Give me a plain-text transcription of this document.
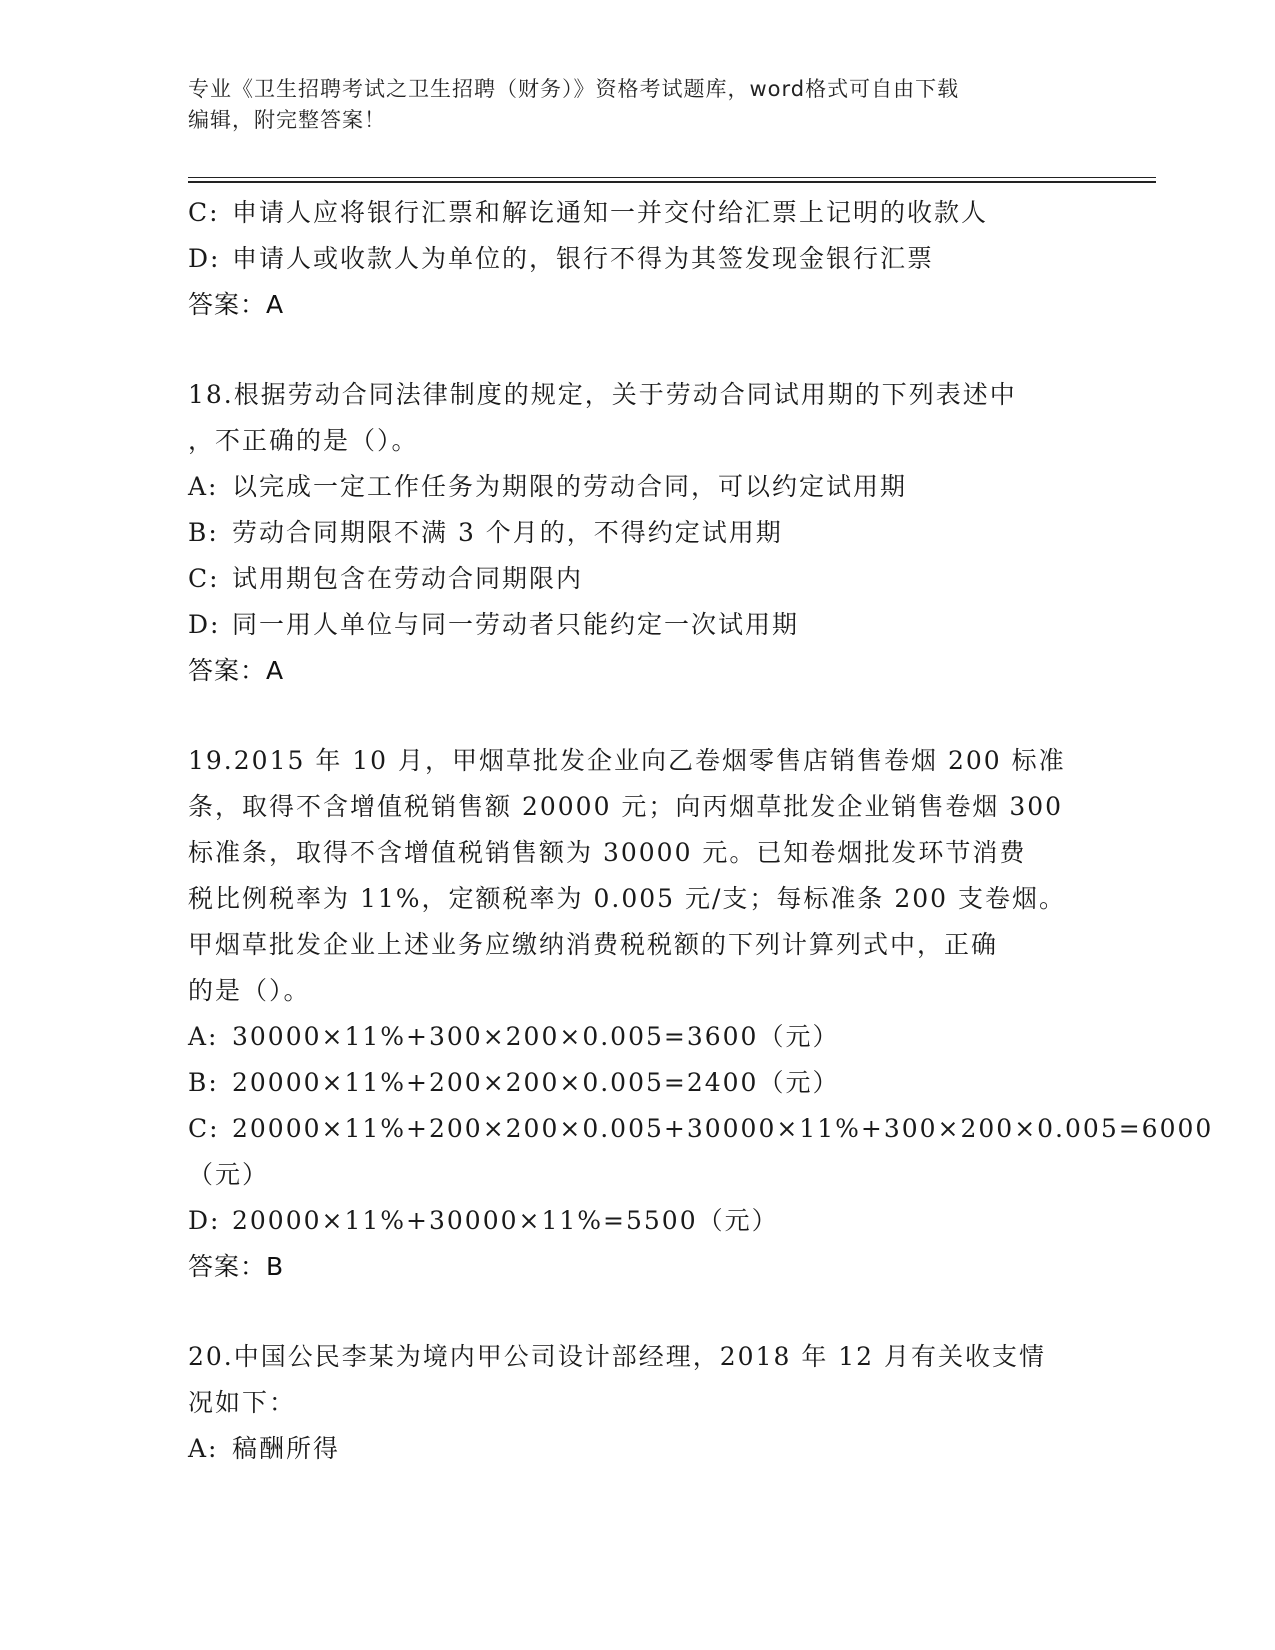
专业《卫生招聘考试之卫生招聘（财务）》资格考试题库，word格式可自由下载
编辑，附完整答案！
C: 申请人应将银行汇票和解讫通知一并交付给汇票上记明的收款人
D: 申请人或收款人为单位的，银行不得为其签发现金银行汇票
答案：A
18.根据劳动合同法律制度的规定，关于劳动合同试用期的下列表述中
，不正确的是（）。
A: 以完成一定工作任务为期限的劳动合同，可以约定试用期
B: 劳动合同期限不满 3 个月的，不得约定试用期
C: 试用期包含在劳动合同期限内
D: 同一用人单位与同一劳动者只能约定一次试用期
答案：A
19.2015 年 10 月，甲烟草批发企业向乙卷烟零售店销售卷烟 200 标准
条，取得不含增值税销售额 20000 元；向丙烟草批发企业销售卷烟 300
标准条，取得不含增值税销售额为 30000 元。已知卷烟批发环节消费
税比例税率为 11%，定额税率为 0.005 元/支；每标准条 200 支卷烟。
甲烟草批发企业上述业务应缴纳消费税税额的下列计算列式中，正确
的是（）。
A: 30000×11%+300×200×0.005=3600（元）
B: 20000×11%+200×200×0.005=2400（元）
C: 20000×11%+200×200×0.005+30000×11%+300×200×0.005=6000
（元）
D: 20000×11%+30000×11%=5500（元）
答案：B
20.中国公民李某为境内甲公司设计部经理，2018 年 12 月有关收支情
况如下：
A: 稿酬所得
